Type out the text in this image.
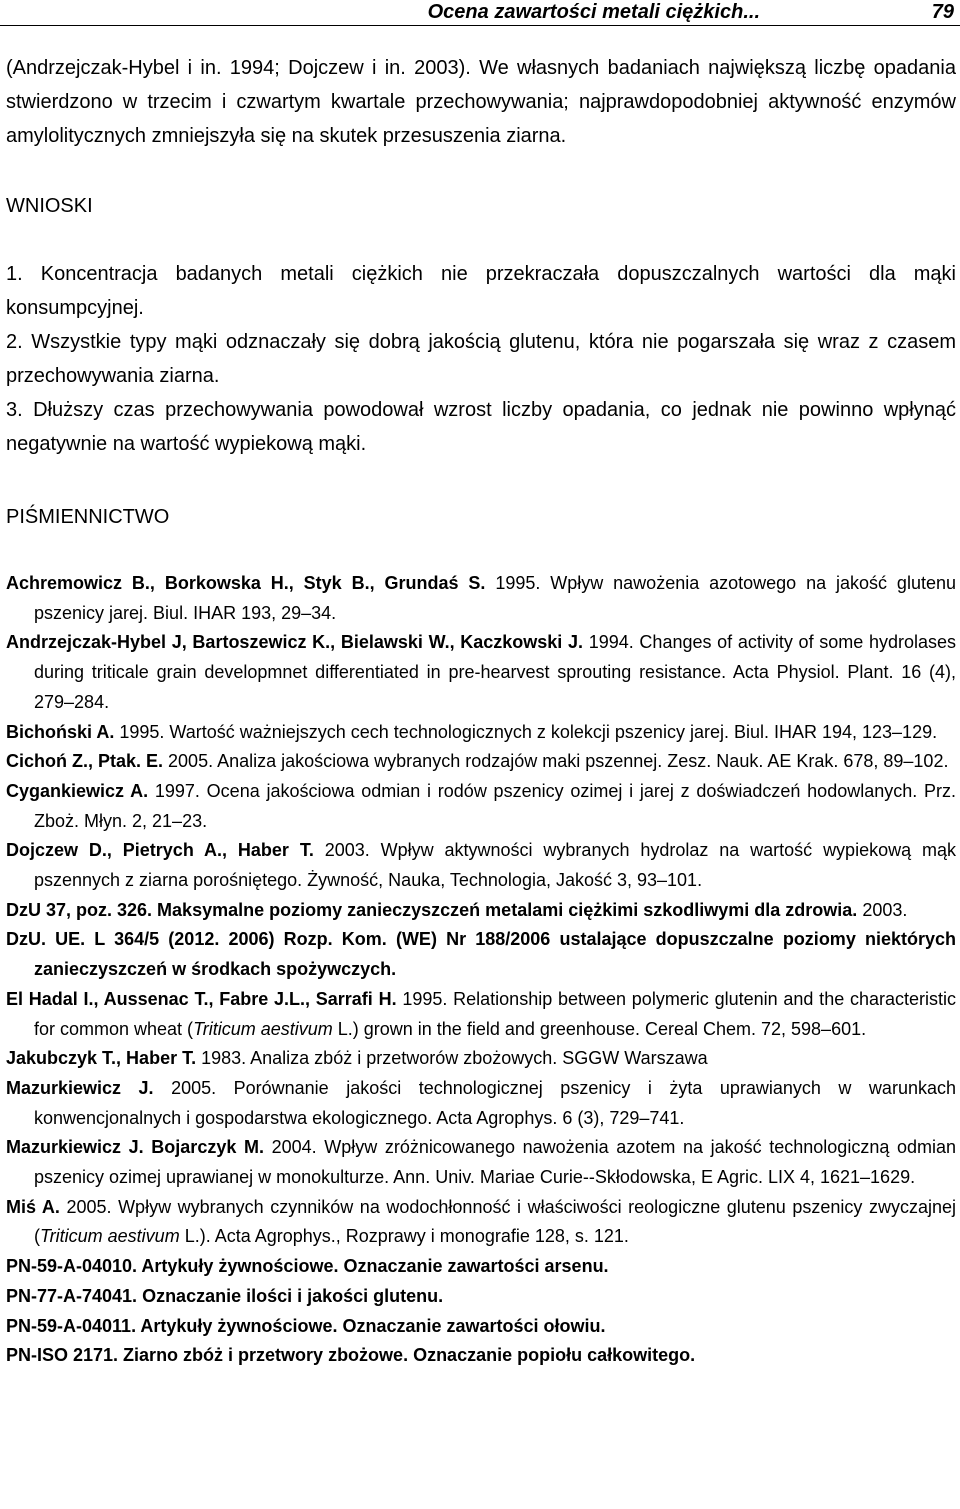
Ocena zawartości metali ciężkich...	79

(Andrzejczak-Hybel i in. 1994; Dojczew i in. 2003). We własnych badaniach największą liczbę opadania stwierdzono w trzecim i czwartym kwartale przechowywania; najprawdopodobniej aktywność enzymów amylolitycznych zmniejszyła się na skutek przesuszenia ziarna.

WNIOSKI

1. Koncentracja badanych metali ciężkich nie przekraczała dopuszczalnych wartości dla mąki konsumpcyjnej.

2. Wszystkie typy mąki odznaczały się dobrą jakością glutenu, która nie pogarszała się wraz z czasem przechowywania ziarna.

3. Dłuższy czas przechowywania powodował wzrost liczby opadania, co jednak nie powinno wpłynąć negatywnie na wartość wypiekową mąki.

PIŚMIENNICTWO

Achremowicz B., Borkowska H., Styk B., Grundaś S. 1995. Wpływ nawożenia azotowego na jakość glutenu pszenicy jarej. Biul. IHAR 193, 29–34.

Andrzejczak-Hybel J, Bartoszewicz K., Bielawski W., Kaczkowski J. 1994. Changes of activity of some hydrolases during triticale grain developmnet differentiated in pre-hearvest sprouting resistance. Acta Physiol. Plant. 16 (4), 279–284.

Bichoński A. 1995. Wartość ważniejszych cech technologicznych z kolekcji pszenicy jarej. Biul. IHAR 194, 123–129.

Cichoń Z., Ptak. E. 2005. Analiza jakościowa wybranych rodzajów maki pszennej. Zesz. Nauk. AE Krak. 678, 89–102.

Cygankiewicz A. 1997. Ocena jakościowa odmian i rodów pszenicy ozimej i jarej z doświadczeń hodowlanych. Prz. Zboż. Młyn. 2, 21–23.

Dojczew D., Pietrych A., Haber T. 2003. Wpływ aktywności wybranych hydrolaz na wartość wypiekową mąk pszennych z ziarna porośniętego. Żywność, Nauka, Technologia, Jakość 3, 93–101.

DzU 37, poz. 326. Maksymalne poziomy zanieczyszczeń metalami ciężkimi szkodliwymi dla zdrowia. 2003.

DzU. UE. L 364/5 (2012. 2006) Rozp. Kom. (WE) Nr 188/2006 ustalające dopuszczalne poziomy niektórych zanieczyszczeń w środkach spożywczych.

El Hadal I., Aussenac T., Fabre J.L., Sarrafi H. 1995. Relationship between polymeric glutenin and the characteristic for common wheat (Triticum aestivum L.) grown in the field and greenhouse. Cereal Chem. 72, 598–601.

Jakubczyk T., Haber T. 1983. Analiza zbóż i przetworów zbożowych. SGGW Warszawa

Mazurkiewicz J. 2005. Porównanie jakości technologicznej pszenicy i żyta uprawianych w warunkach konwencjonalnych i gospodarstwa ekologicznego. Acta Agrophys. 6 (3), 729–741.

Mazurkiewicz J. Bojarczyk M. 2004. Wpływ zróżnicowanego nawożenia azotem na jakość technologiczną odmian pszenicy ozimej uprawianej w monokulturze. Ann. Univ. Mariae Curie--Skłodowska, E Agric. LIX 4, 1621–1629.

Miś A. 2005. Wpływ wybranych czynników na wodochłonność i właściwości reologiczne glutenu pszenicy zwyczajnej (Triticum aestivum L.). Acta Agrophys., Rozprawy i monografie 128, s. 121.

PN-59-A-04010. Artykuły żywnościowe. Oznaczanie zawartości arsenu.

PN-77-A-74041. Oznaczanie ilości i jakości glutenu.

PN-59-A-04011. Artykuły żywnościowe. Oznaczanie zawartości ołowiu.

PN-ISO 2171. Ziarno zbóż i przetwory zbożowe. Oznaczanie popiołu całkowitego.
